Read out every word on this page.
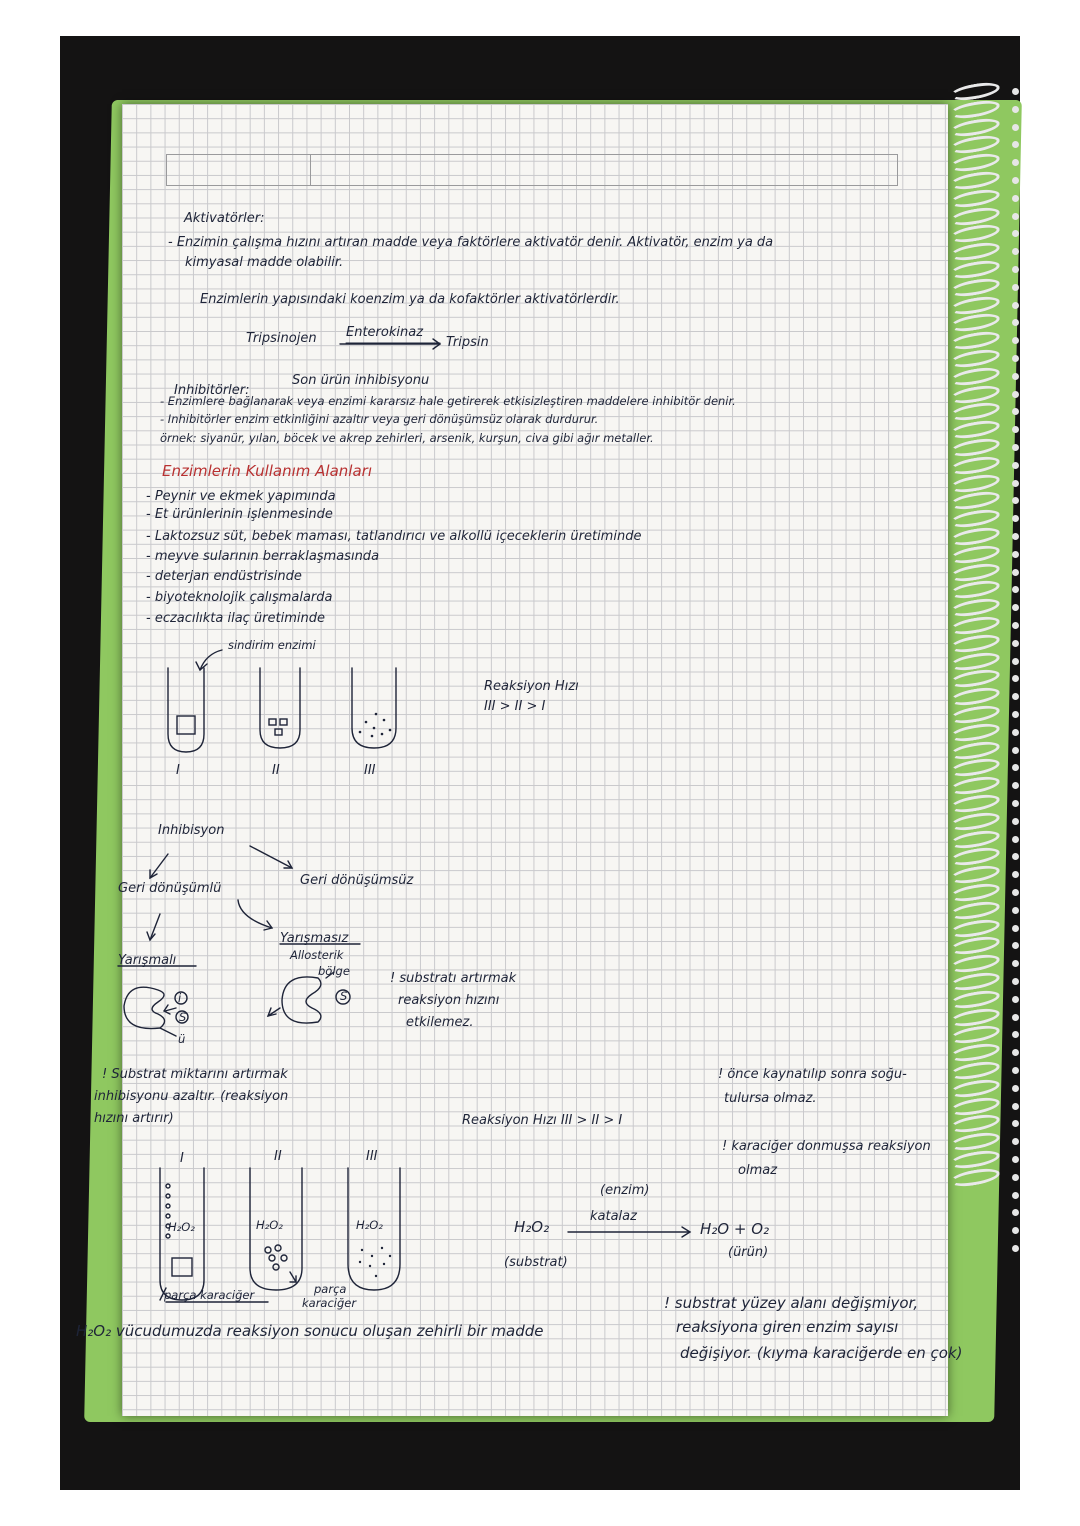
Aktivatörler:
- Enzimin çalışma hızını artıran madde veya faktörlere aktivatör denir. Aktivatör, enzim ya da
kimyasal madde olabilir.
Enzimlerin yapısındaki koenzim ya da kofaktörler aktivatörlerdir.
Tripsinojen Enterokinaz
Tripsin
Inhibitörler:
Son ürün inhibisyonu
- Enzimlere bağlanarak veya enzimi kararsız hale getirerek etkisizleştiren maddelere inhibitör denir.
- Inhibitörler enzim etkinliğini azaltır veya geri dönüşümsüz olarak durdurur.
örnek: siyanür, yılan, böcek ve akrep zehirleri, arsenik, kurşun, civa gibi ağır metaller.
Enzimlerin Kullanım Alanları
- Peynir ve ekmek yapımında
- Et ürünlerinin işlenmesinde
- Laktozsuz süt, bebek maması, tatlandırıcı ve alkollü içeceklerin üretiminde
- meyve sularının berraklaşmasında
- deterjan endüstrisinde
- biyoteknolojik çalışmalarda
- eczacılıkta ilaç üretiminde
sindirim enzimi
I	II	III
Reaksiyon Hızı
III > II > I
Inhibisyon
Geri dönüşümsüz
Geri dönüşümlü
Yarışmasız
Yarışmalı	Allosterik
bölge
i
S
S
ü
! substratı artırmak
reaksiyon hızını
etkilemez.
! Substrat miktarını artırmak
inhibisyonu azaltır. (reaksiyon
hızını artırır)
I	II	III
H₂O₂	H₂O₂	H₂O₂
parça karaciğer	parça
karaciğer
Reaksiyon Hızı III > II > I
(enzim)
katalaz
H₂O₂
(substrat)
H₂O + O₂
(ürün)
! önce kaynatılıp sonra soğu-
tulursa olmaz.
! karaciğer donmuşsa reaksiyon
olmaz
! substrat yüzey alanı değişmiyor,
reaksiyona giren enzim sayısı
değişiyor. (kıyma karaciğerde en çok)
H₂O₂ vücudumuzda reaksiyon sonucu oluşan zehirli bir madde
